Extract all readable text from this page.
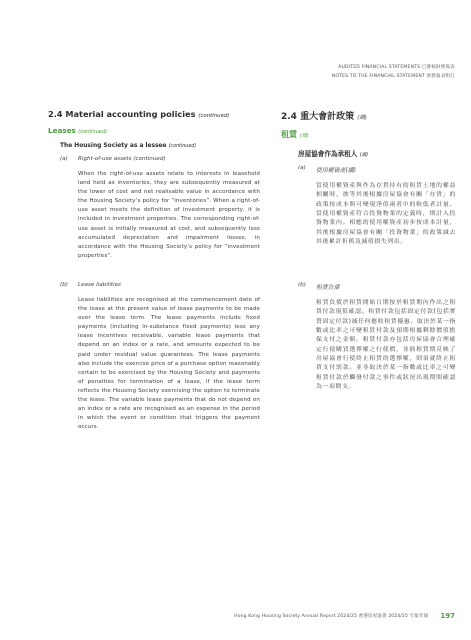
AUDITED FINANCIAL STATEMENTS 已審核財務報表
NOTES TO THE FINANCIAL STATEMENT 財務報表附註
2.4 Material accounting policies (continued)
Leases (continued)
The Housing Society as a lessee (continued)
(a) Right-of-use assets (continued)

When the right-of-use assets relate to interests in leasehold land held as inventories, they are subsequently measured at the lower of cost and net realisable value in accordance with the Housing Society’s policy for “inventories”. When a right-of-use asset meets the definition of investment property, it is included in investment properties. The corresponding right-of-use asset is initially measured at cost, and subsequently less accumulated depreciation and impairment losses, in accordance with the Housing Society’s policy for “investment properties”.

(b) Lease liabilities

Lease liabilities are recognised at the commencement date of the lease at the present value of lease payments to be made over the lease term. The lease payments include fixed payments (including in-substance fixed payments) less any lease incentives receivable, variable lease payments that depend on an index or a rate, and amounts expected to be paid under residual value guarantees. The lease payments also include the exercise price of a purchase option reasonably certain to be exercised by the Housing Society and payments of penalties for termination of a lease, if the lease term reflects the Housing Society exercising the option to terminate the lease. The variable lease payments that do not depend on an index or a rate are recognised as an expense in the period in which the event or condition that triggers the payment occurs.

2.4 重大會計政策 (續)
租賃 (續)
房屋協會作為承租人 (續)
(a) 使用權資產(續)

當使用權資產與作為存貨持有的租賃土地的權益相關時，彼等其後根據房屋協會有關「存貨」的政策按成本與可變現淨值兩者中的較低者計量。當使用權資產符合投資物業的定義時，則計入投資物業內。相應的使用權資產初步按成本計量，其後根據房屋協會有關「投資物業」的政策減去其後累計折舊及減值損失列出。

(b) 租賃負債

租賃負債於租賃開始日期按於租賃期內作出之租賃付款現值確認。租賃付款包括固定付款(包括實質固定付款)減任何應收租賃優惠、取決於某一指數或比率之可變租賃付款及預期根據剩餘價值擔保支付之金額。租賃付款亦包括房屋協會合理確定行使購買選擇權之行使價，並倘租賃期反映了房屋協會行使終止租賃的選擇權，則須就終止租賃支付罰款。並非取決於某一指數或比率之可變租賃付款於觸發付款之事件或狀況出現期間確認為一項開支。

Hong Kong Housing Society Annual Report 2024/25 香港房屋協會 2024/25 年報年報 197
